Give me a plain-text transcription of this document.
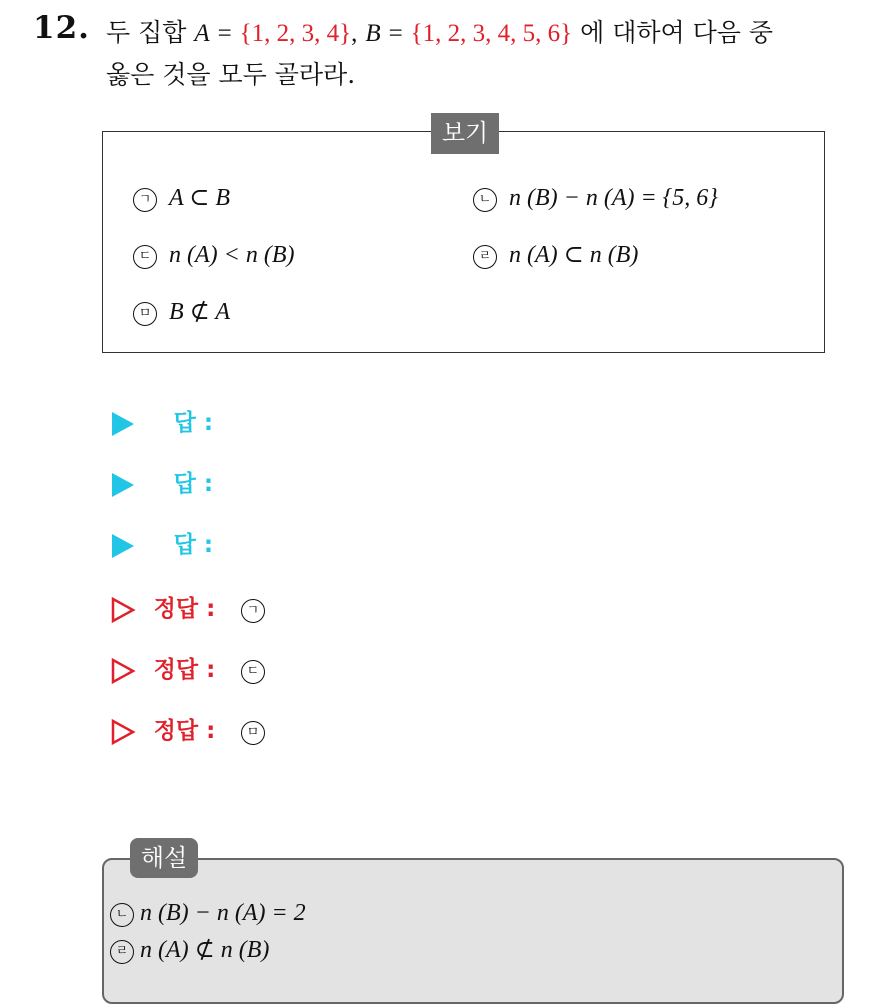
12. 두 집합 A = {1, 2, 3, 4}, B = {1, 2, 3, 4, 5, 6} 에 대하여 다음 중
옳은 것을 모두 골라라.
보기
ㄱ A ⊂ B	ㄴ n (B) − n (A) = {5, 6}
ㄷ n (A) < n (B)	ㄹ n (A) ⊂ n (B)
ㅁ B ⊄ A
답 :
답 :
답 :
정답 : ㄱ
정답 : ㄷ
정답 : ㅁ
해설
ㄴ n (B) − n (A) = 2
ㄹ n (A) ⊄ n (B)
